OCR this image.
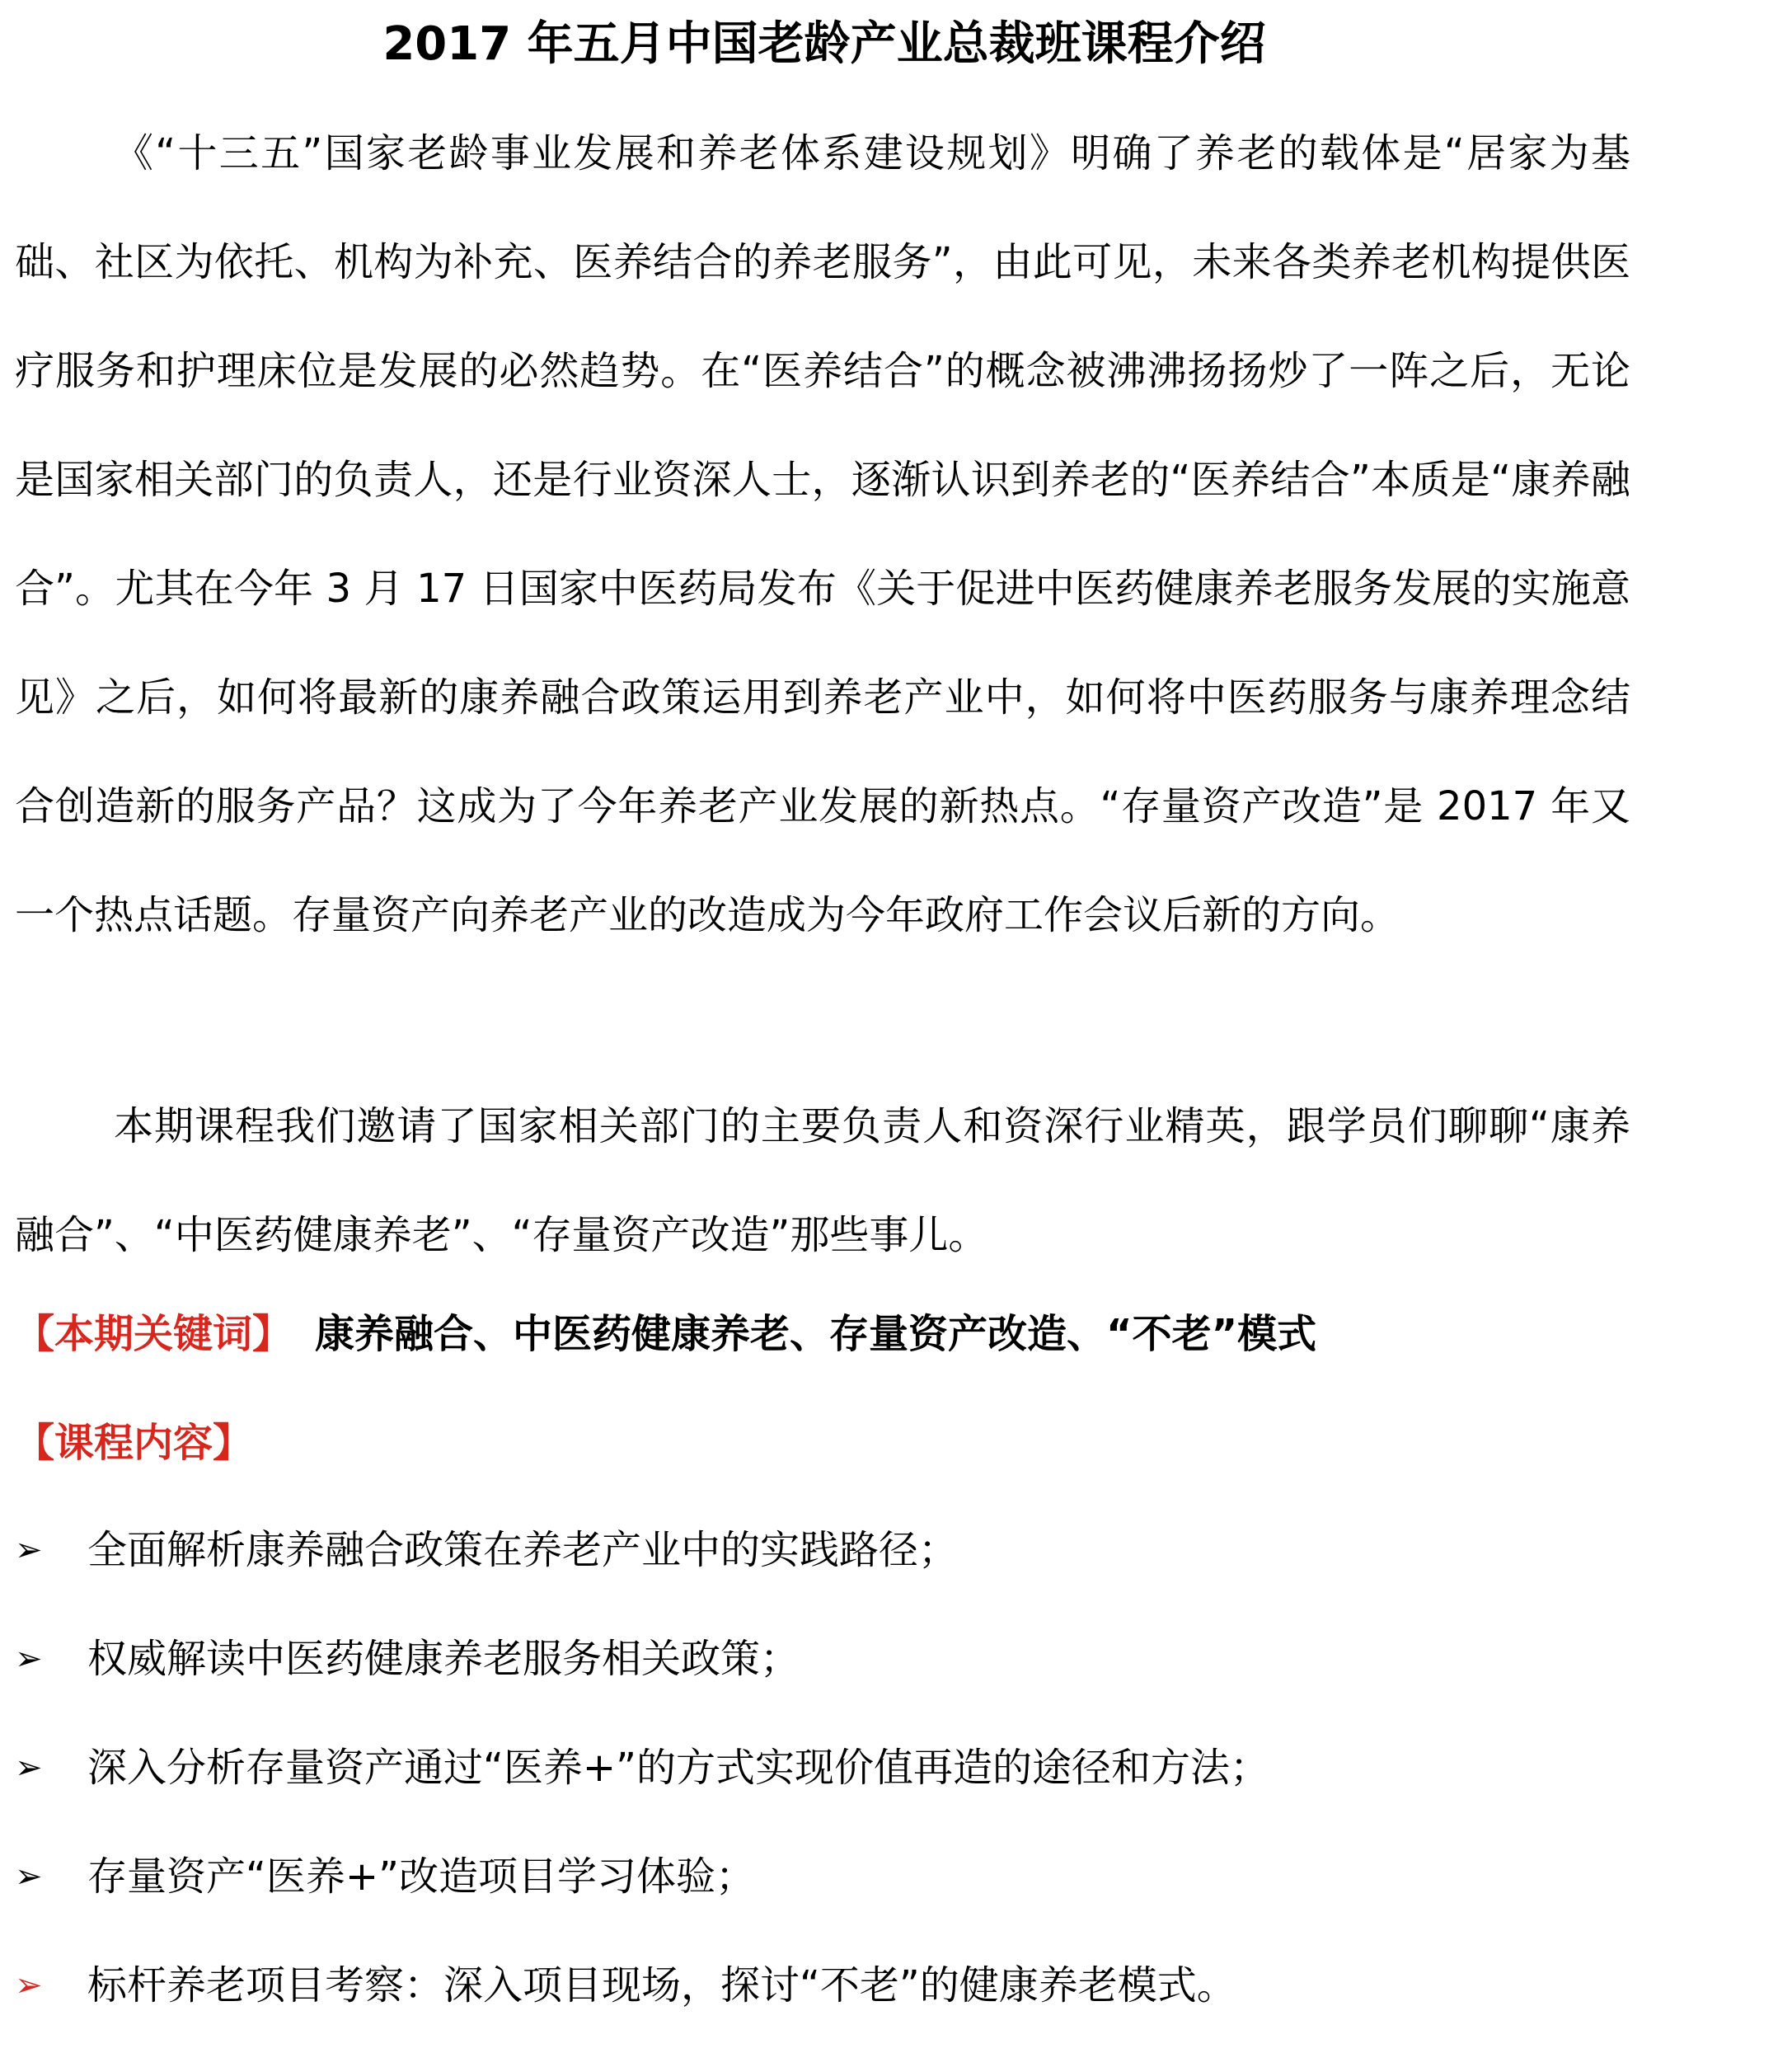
2017 年五月中国老龄产业总裁班课程介绍

《“十三五”国家老龄事业发展和养老体系建设规划》明确了养老的载体是“居家为基础、社区为依托、机构为补充、医养结合的养老服务”，由此可见，未来各类养老机构提供医疗服务和护理床位是发展的必然趋势。在“医养结合”的概念被沸沸扬扬炒了一阵之后，无论是国家相关部门的负责人，还是行业资深人士，逐渐认识到养老的“医养结合”本质是“康养融合”。尤其在今年 3 月 17 日国家中医药局发布《关于促进中医药健康养老服务发展的实施意见》之后，如何将最新的康养融合政策运用到养老产业中，如何将中医药服务与康养理念结合创造新的服务产品？这成为了今年养老产业发展的新热点。“存量资产改造”是 2017 年又一个热点话题。存量资产向养老产业的改造成为今年政府工作会议后新的方向。

本期课程我们邀请了国家相关部门的主要负责人和资深行业精英，跟学员们聊聊“康养融合”、“中医药健康养老”、“存量资产改造”那些事儿。

【本期关键词】 康养融合、中医药健康养老、存量资产改造、“不老”模式
【课程内容】
➢	全面解析康养融合政策在养老产业中的实践路径；
➢	权威解读中医药健康养老服务相关政策；
➢	深入分析存量资产通过“医养+”的方式实现价值再造的途径和方法；
➢	存量资产“医养+”改造项目学习体验；
➢	标杆养老项目考察：深入项目现场，探讨“不老”的健康养老模式。
